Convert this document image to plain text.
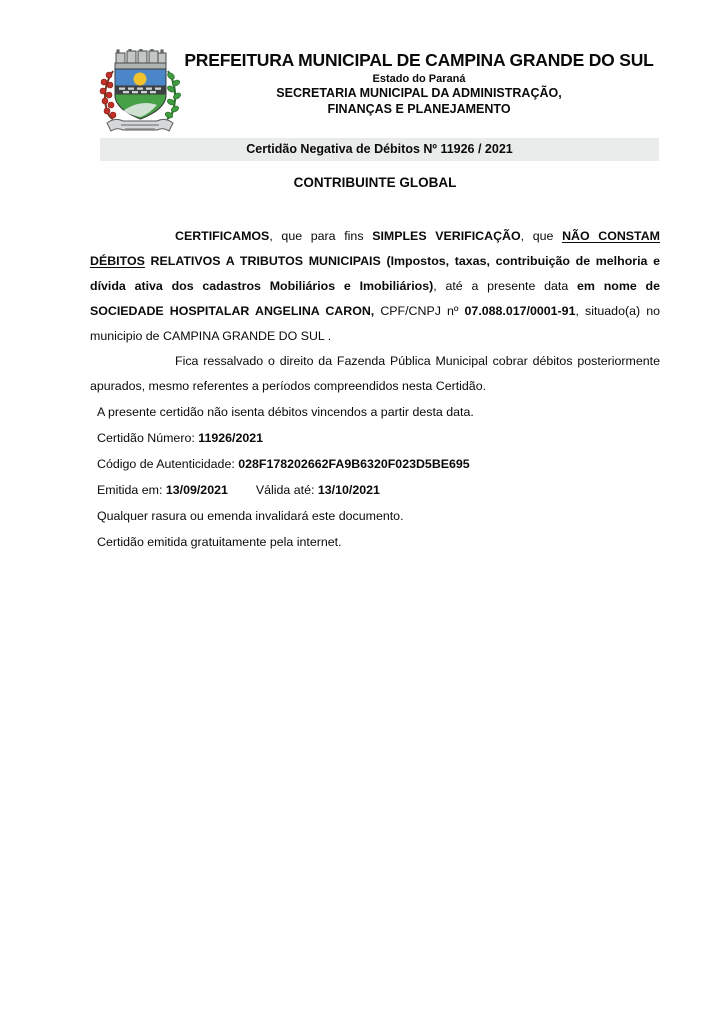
PREFEITURA MUNICIPAL DE CAMPINA GRANDE DO SUL
Estado do Paraná
SECRETARIA MUNICIPAL DA ADMINISTRAÇÃO,
FINANÇAS E PLANEJAMENTO
Certidão Negativa de Débitos Nº 11926 / 2021
CONTRIBUINTE GLOBAL

CERTIFICAMOS, que para fins SIMPLES VERIFICAÇÃO, que NÃO CONSTAM DÉBITOS RELATIVOS A TRIBUTOS MUNICIPAIS (Impostos, taxas, contribuição de melhoria e dívida ativa dos cadastros Mobiliários e Imobiliários), até a presente data em nome de SOCIEDADE HOSPITALAR ANGELINA CARON, CPF/CNPJ nº 07.088.017/0001-91, situado(a) no municipio de CAMPINA GRANDE DO SUL .

Fica ressalvado o direito da Fazenda Pública Municipal cobrar débitos posteriormente apurados, mesmo referentes a períodos compreendidos nesta Certidão.

A presente certidão não isenta débitos vincendos a partir desta data.
Certidão Número: 11926/2021
Código de Autenticidade: 028F178202662FA9B6320F023D5BE695
Emitida em: 13/09/2021 Válida até: 13/10/2021
Qualquer rasura ou emenda invalidará este documento.
Certidão emitida gratuitamente pela internet.
